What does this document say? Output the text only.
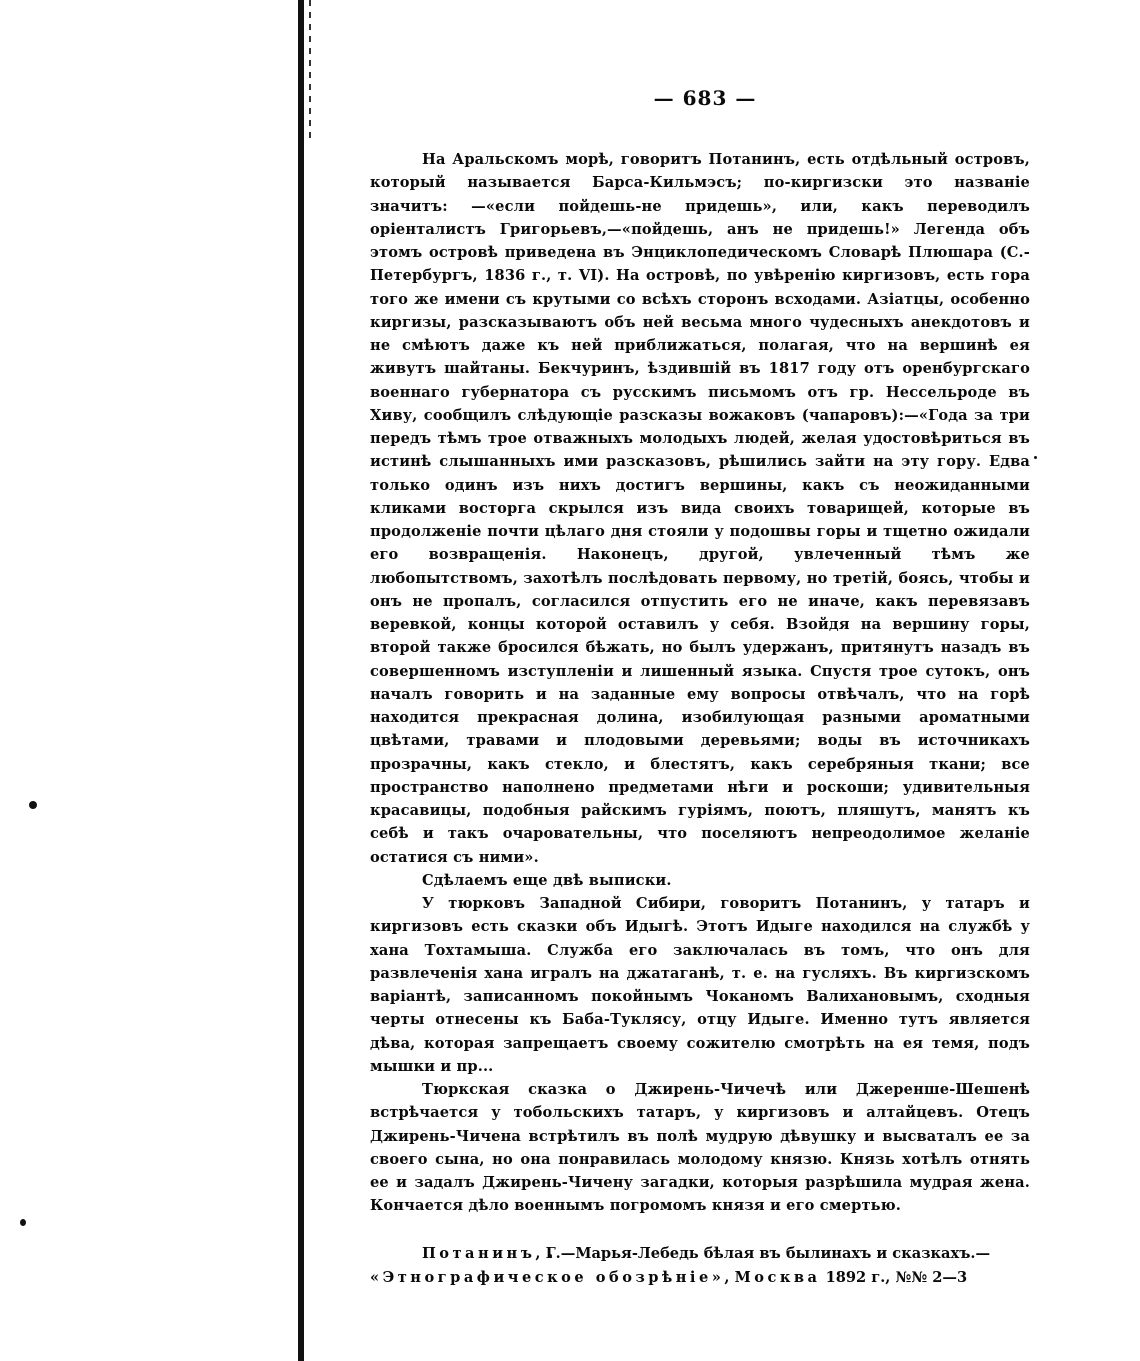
— 683 —

На Аральскомъ морѣ, говоритъ Потанинъ, есть отдѣльный островъ, который называется Барса-Кильмэсъ; по-киргизски это названіе значитъ: —«если пойдешь-не придешь», или, какъ переводилъ оріенталистъ Григорьевъ,—«пойдешь, анъ не придешь!» Легенда объ этомъ островѣ приведена въ Энциклопедическомъ Словарѣ Плюшара (С.-Петербургъ, 1836 г., т. VI). На островѣ, по увѣренію киргизовъ, есть гора того же имени съ крутыми со всѣхъ сторонъ всходами. Азіатцы, особенно киргизы, разсказываютъ объ ней весьма много чудесныхъ анекдотовъ и не смѣютъ даже къ ней приближаться, полагая, что на вершинѣ ея живутъ шайтаны. Бекчуринъ, ѣздившій въ 1817 году отъ оренбургскаго военнаго губернатора съ русскимъ письмомъ отъ гр. Нессельроде въ Хиву, сообщилъ слѣдующіе разсказы вожаковъ (чапаровъ):—«Года за три передъ тѣмъ трое отважныхъ молодыхъ людей, желая удостовѣриться въ истинѣ слышанныхъ ими разсказовъ, рѣшились зайти на эту гору. Едва только одинъ изъ нихъ достигъ вершины, какъ съ неожиданными кликами восторга скрылся изъ вида своихъ товарищей, которые въ продолженіе почти цѣлаго дня стояли у подошвы горы и тщетно ожидали его возвращенія. Наконецъ, другой, увлеченный тѣмъ же любопытствомъ, захотѣлъ послѣдовать первому, но третій, боясь, чтобы и онъ не пропалъ, согласился отпустить его не иначе, какъ перевязавъ веревкой, концы которой оставилъ у себя. Взойдя на вершину горы, второй также бросился бѣжать, но былъ удержанъ, притянутъ назадъ въ совершенномъ изступленіи и лишенный языка. Спустя трое сутокъ, онъ началъ говорить и на заданные ему вопросы отвѣчалъ, что на горѣ находится прекрасная долина, изобилующая разными ароматными цвѣтами, травами и плодовыми деревьями; воды въ источникахъ прозрачны, какъ стекло, и блестятъ, какъ серебряныя ткани; все пространство наполнено предметами нѣги и роскоши; удивительныя красавицы, подобныя райскимъ гуріямъ, поютъ, пляшутъ, манятъ къ себѣ и такъ очаровательны, что поселяютъ непреодолимое желаніе остатися съ ними».

Сдѣлаемъ еще двѣ выписки.

У тюрковъ Западной Сибири, говоритъ Потанинъ, у татаръ и киргизовъ есть сказки объ Идыгѣ. Этотъ Идыге находился на службѣ у хана Тохтамыша. Служба его заключалась въ томъ, что онъ для развлеченія хана игралъ на джатаганѣ, т. е. на гусляхъ. Въ киргизскомъ варіантѣ, записанномъ покойнымъ Чоканомъ Валихановымъ, сходныя черты отнесены къ Баба-Туклясу, отцу Идыге. Именно тутъ является дѣва, которая запрещаетъ своему сожителю смотрѣть на ея темя, подъ мышки и пр...

Тюркская сказка о Джирень-Чичечѣ или Джеренше-Шешенѣ встрѣчается у тобольскихъ татаръ, у киргизовъ и алтайцевъ. Отецъ Джирень-Чичена встрѣтилъ въ полѣ мудрую дѣвушку и высваталъ ее за своего сына, но она понравилась молодому князю. Князь хотѣлъ отнять ее и задалъ Джирень-Чичену загадки, которыя разрѣшила мудрая жена. Кончается дѣло военнымъ погромомъ князя и его смертью.

Потанинъ, Г.—Марья-Лебедь бѣлая въ былинахъ и сказкахъ.—
«Этнографическое обозрѣніе», Москва 1892 г., №№ 2—3
